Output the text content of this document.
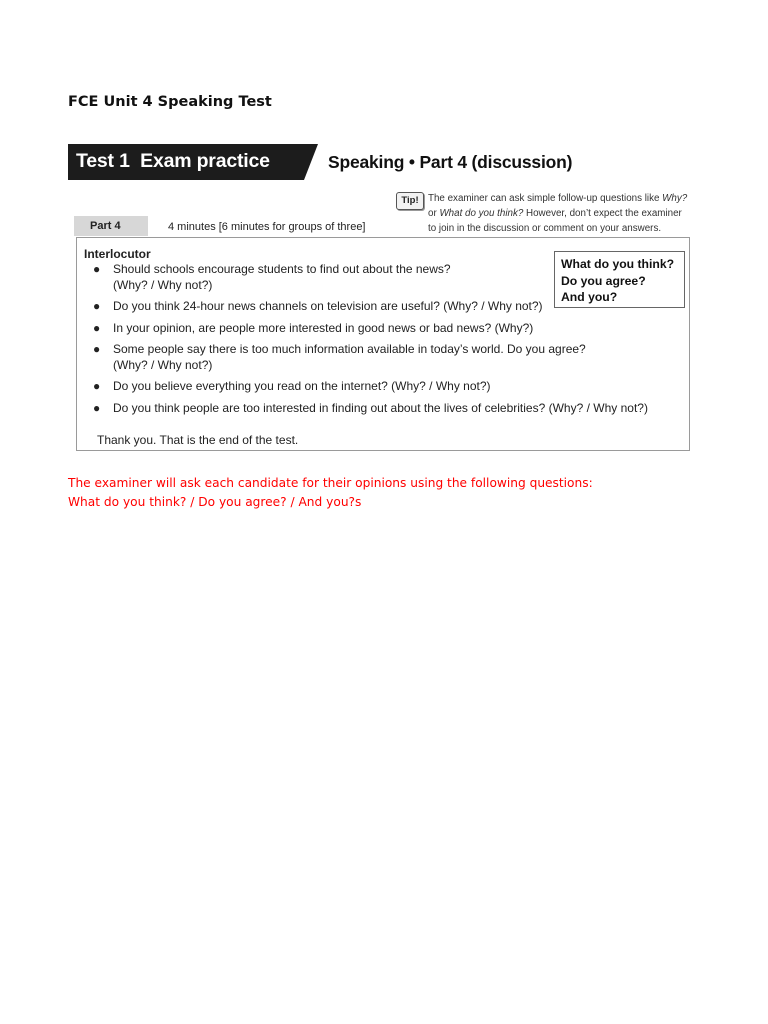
FCE Unit 4 Speaking Test
Test 1  Exam practice	Speaking • Part 4 (discussion)
Tip! The examiner can ask simple follow-up questions like Why?
or What do you think? However, don’t expect the examiner
to join in the discussion or comment on your answers.
Part 4	4 minutes [6 minutes for groups of three]
Interlocutor
● Should schools encourage students to find out about the news?
(Why? / Why not?)
● Do you think 24-hour news channels on television are useful? (Why? / Why not?)
● In your opinion, are people more interested in good news or bad news? (Why?)
● Some people say there is too much information available in today’s world. Do you agree?
(Why? / Why not?)
● Do you believe everything you read on the internet? (Why? / Why not?)
● Do you think people are too interested in finding out about the lives of celebrities? (Why? / Why not?)
Thank you. That is the end of the test.
What do you think?
Do you agree?
And you?
The examiner will ask each candidate for their opinions using the following questions:
What do you think? / Do you agree? / And you?s
